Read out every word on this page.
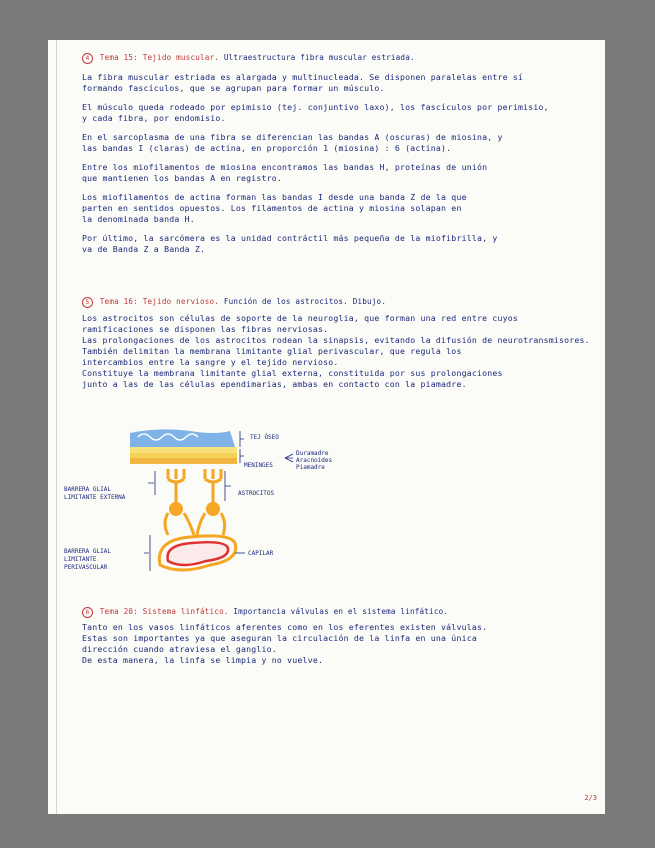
4 Tema 15: Tejido muscular. Ultraestructura fibra muscular estriada.

La fibra muscular estriada es alargada y multinucleada. Se disponen paralelas entre sí

formando fascículos, que se agrupan para formar un músculo.

El músculo queda rodeado por epimisio (tej. conjuntivo laxo), los fascículos por perimisio,

y cada fibra, por endomisio.

En el sarcoplasma de una fibra se diferencian las bandas A (oscuras) de miosina, y

las bandas I (claras) de actina, en proporción 1 (miosina) : 6 (actina).

Entre los miofilamentos de miosina encontramos las bandas H, proteínas de unión

que mantienen los bandas A en registro.

Los miofilamentos de actina forman las bandas I desde una banda Z de la que

parten en sentidos opuestos. Los filamentos de actina y miosina solapan en

la denominada banda H.

Por último, la sarcómera es la unidad contráctil más pequeña de la miofibrilla, y

va de Banda Z a Banda Z.

5 Tema 16: Tejido nervioso. Función de los astrocitos. Dibujo.

Los astrocitos son células de soporte de la neuroglia, que forman una red entre cuyos

ramificaciones se disponen las fibras nerviosas.

Las prolongaciones de los astrocitos rodean la sinapsis, evitando la difusión de neurotransmisores.

También delimitan la membrana limitante glial perivascular, que regula los

intercambios entre la sangre y el tejido nervioso.

Constituye la membrana limitante glial externa, constituida por sus prolongaciones

junto a las de las células ependimarias, ambas en contacto con la piamadre.

TEJ ÓSEO
MENINGES
Duramadre
Aracnoides
Piamadre
ASTROCITOS
CAPILAR
BARRERA GLIAL
LIMITANTE EXTERNA
BARRERA GLIAL
LIMITANTE
PERIVASCULAR
6 Tema 20: Sistema linfático. Importancia válvulas en el sistema linfático.

Tanto en los vasos linfáticos aferentes como en los eferentes existen válvulas.

Estas son importantes ya que aseguran la circulación de la linfa en una única

dirección cuando atraviesa el ganglio.

De esta manera, la linfa se limpia y no vuelve.

2/3
